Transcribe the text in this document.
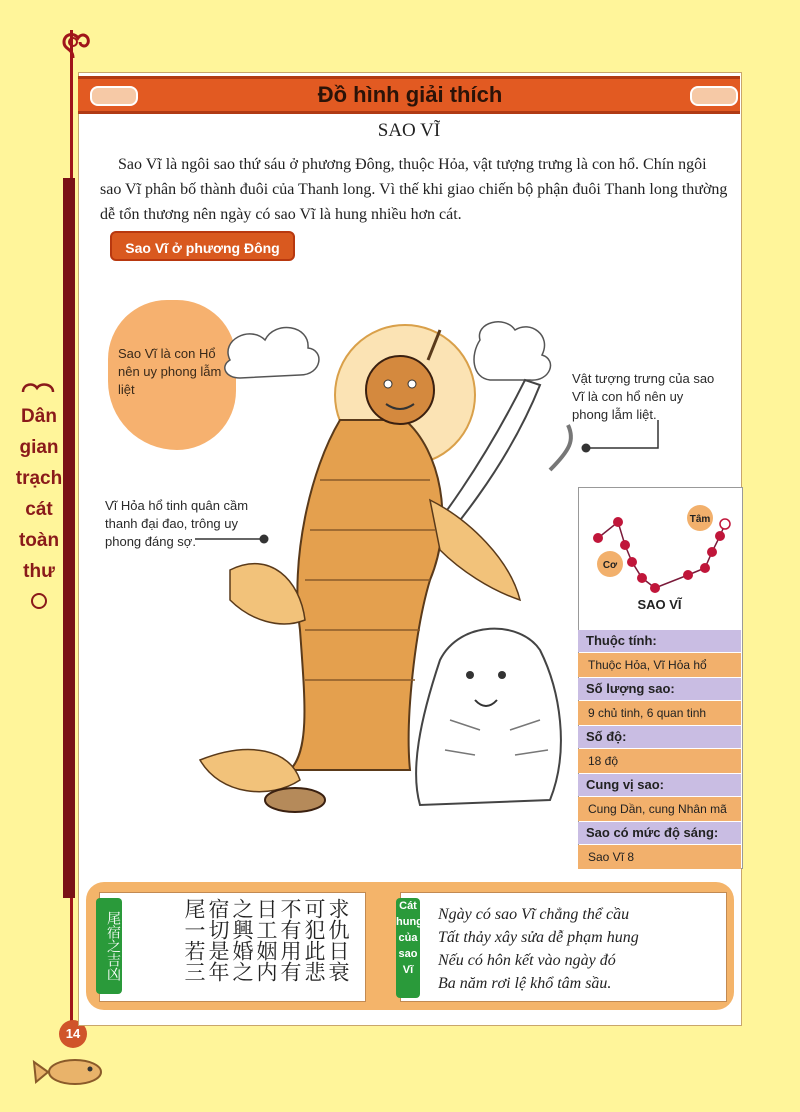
Dân
gian
trạch
cát
toàn
thư
14
Đồ hình giải thích
SAO VĨ
Sao Vĩ là ngôi sao thứ sáu ở phương Đông, thuộc Hỏa, vật tượng trưng là con hổ. Chín ngôi sao Vĩ phân bố thành đuôi của Thanh long. Vì thế khi giao chiến bộ phận đuôi Thanh long thường dễ tổn thương nên ngày có sao Vĩ là hung nhiều hơn cát.
Sao Vĩ ở phương Đông
Sao Vĩ là con Hổ nên uy phong lẫm liệt
Vĩ Hỏa hổ tinh quân cầm thanh đại đao, trông uy phong đáng sợ.
Vật tượng trưng của sao Vĩ là con hổ nên uy phong lẫm liệt.
Tâm
Cơ
SAO VĨ
Thuộc tính:
Thuộc Hỏa, Vĩ Hỏa hổ
Số lượng sao:
9 chủ tinh, 6 quan tinh
Số độ:
18 độ
Cung vị sao:
Cung Dần, cung Nhân mã
Sao có mức độ sáng:
Sao Vĩ 8
尾宿之吉凶	求仇日衰可犯此悲不有用有日工姻内之興婚之宿切是年尾一若三	Cát hung của sao Vĩ
Ngày có sao Vĩ chẳng thể cầu
Tất thảy xây sửa dễ phạm hung
Nếu có hôn kết vào ngày đó
Ba năm rơi lệ khổ tâm sầu.
